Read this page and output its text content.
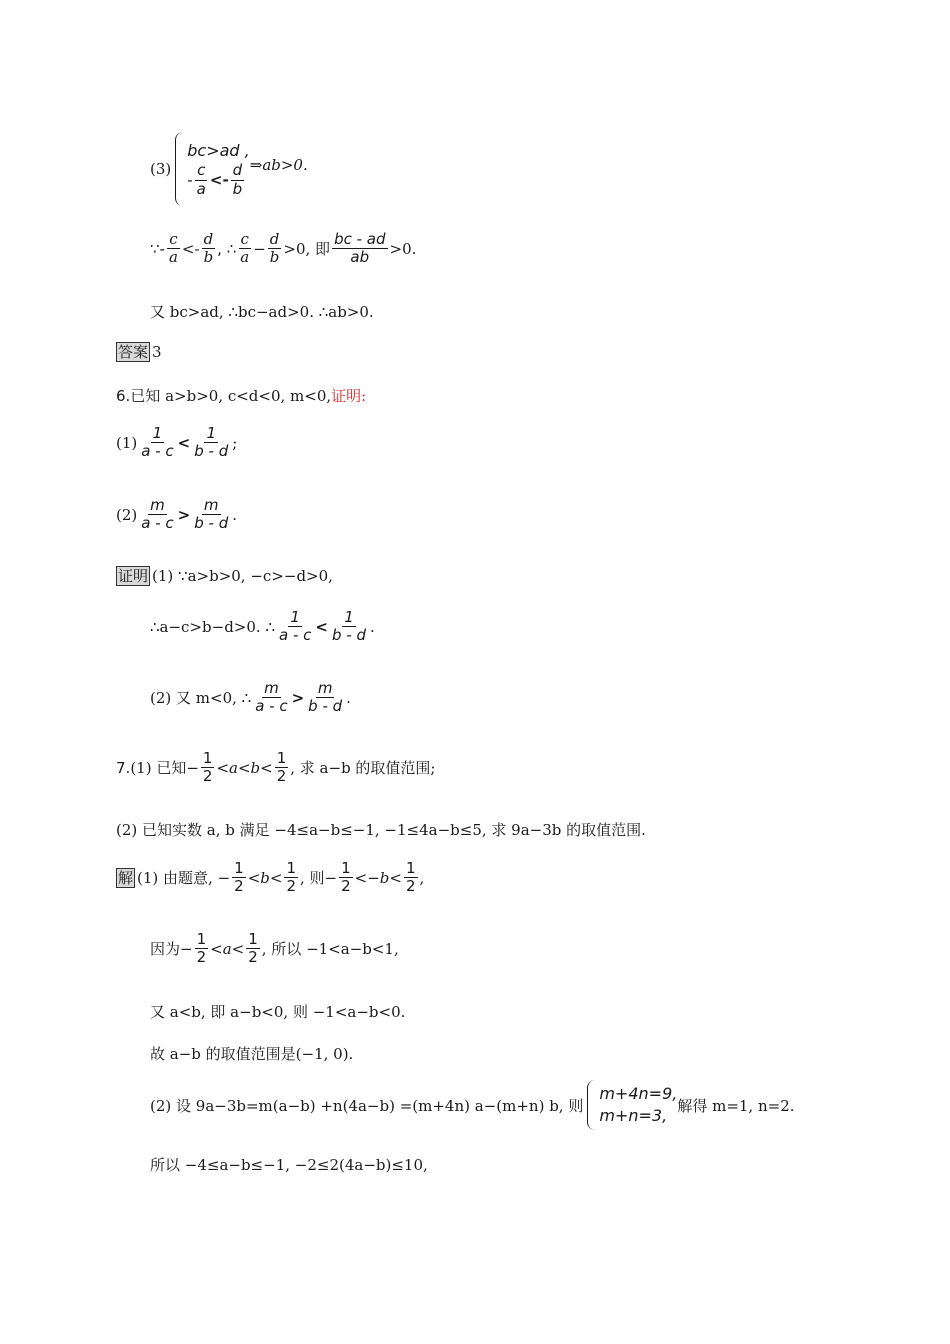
(3)
bc>ad ,
- $\frac{c}{a} <- \frac{d}{b}$ ⇒ab>0.
∵- $\frac{c}{a} <- \frac{d}{b}$ , ∴ $\frac{c}{a} - \frac{d}{b} >0$, 即 $\frac{bc - ad}{ab} >0$.
又 bc>ad, ∴bc−ad>0. ∴ab>0.
答案 3
6. 已知 a>b>0, c<d<0, m<0, 证明:
$(1) \frac{1}{a - c} < \frac{1}{b - d}$ ;
$(2) \frac{m}{a - c} > \frac{m}{b - d}$ .
证明 (1) ∵a>b>0, −c>−d>0,
∴a−c>b−d>0. ∴ $\frac{1}{a - c} < \frac{1}{b - d}$ .
(2) 又 m<0, ∴ $\frac{m}{a - c} > \frac{m}{b - d}$ .
7. (1) 已知− $\frac{1}{2} <a<b< \frac{1}{2}$ , 求 a−b 的取值范围;
(2) 已知实数 a, b 满足 −4≤a−b≤−1, −1≤4a−b≤5, 求 9a−3b 的取值范围.
解 (1) 由题意, − $\frac{1}{2} <b< \frac{1}{2}$ , 则− $\frac{1}{2} <-b< \frac{1}{2}$ ,
因为− $\frac{1}{2} <a< \frac{1}{2}$ , 所以 −1<a−b<1,
又 a<b, 即 a−b<0, 则 −1<a−b<0.
故 a−b 的取值范围是(−1, 0).
(2) 设 9a−3b=m(a−b) +n(4a−b) =(m+4n) a−(m+n) b, 则
m+4n=9,
m+n=3,
解得 m=1, n=2.
所以 −4≤a−b≤−1, −2≤2(4a−b)≤10,
